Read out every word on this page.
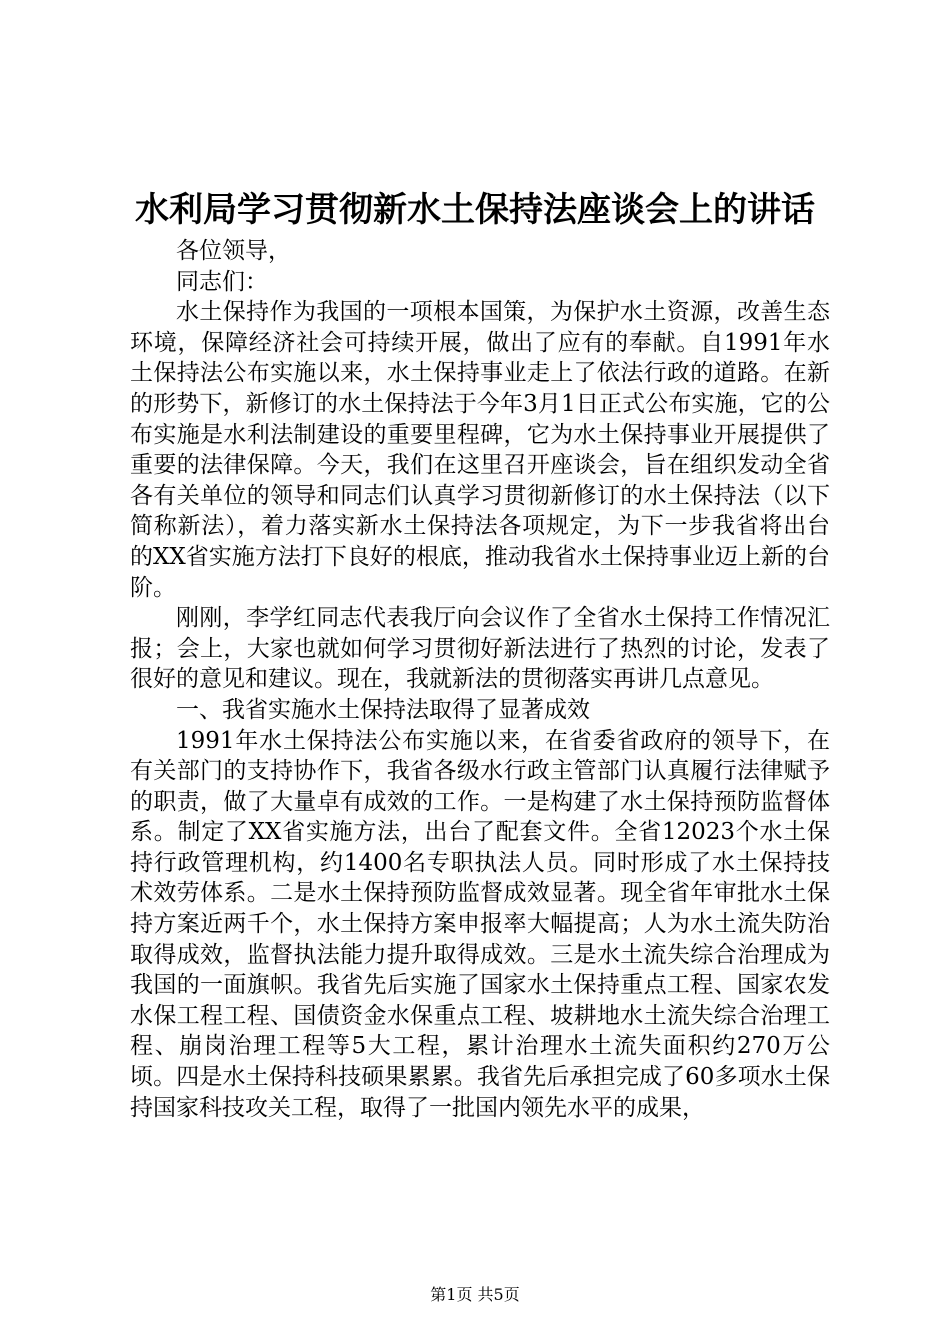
水利局学习贯彻新水土保持法座谈会上的讲话

各位领导，

同志们：

水土保持作为我国的一项根本国策，为保护水土资源，改善生态环境，保障经济社会可持续开展，做出了应有的奉献。自1991年水土保持法公布实施以来，水土保持事业走上了依法行政的道路。在新的形势下，新修订的水土保持法于今年3月1日正式公布实施，它的公布实施是水利法制建设的重要里程碑，它为水土保持事业开展提供了重要的法律保障。今天，我们在这里召开座谈会，旨在组织发动全省各有关单位的领导和同志们认真学习贯彻新修订的水土保持法（以下简称新法），着力落实新水土保持法各项规定，为下一步我省将出台的XX省实施方法打下良好的根底，推动我省水土保持事业迈上新的台阶。

刚刚，李学红同志代表我厅向会议作了全省水土保持工作情况汇报；会上，大家也就如何学习贯彻好新法进行了热烈的讨论，发表了很好的意见和建议。现在，我就新法的贯彻落实再讲几点意见。

一、我省实施水土保持法取得了显著成效

1991年水土保持法公布实施以来，在省委省政府的领导下，在有关部门的支持协作下，我省各级水行政主管部门认真履行法律赋予的职责，做了大量卓有成效的工作。一是构建了水土保持预防监督体系。制定了XX省实施方法，出台了配套文件。全省12023个水土保持行政管理机构，约1400名专职执法人员。同时形成了水土保持技术效劳体系。二是水土保持预防监督成效显著。现全省年审批水土保持方案近两千个，水土保持方案申报率大幅提高；人为水土流失防治取得成效，监督执法能力提升取得成效。三是水土流失综合治理成为我国的一面旗帜。我省先后实施了国家水土保持重点工程、国家农发水保工程工程、国债资金水保重点工程、坡耕地水土流失综合治理工程、崩岗治理工程等5大工程，累计治理水土流失面积约270万公顷。四是水土保持科技硕果累累。我省先后承担完成了60多项水土保持国家科技攻关工程，取得了一批国内领先水平的成果，

第1页 共5页
